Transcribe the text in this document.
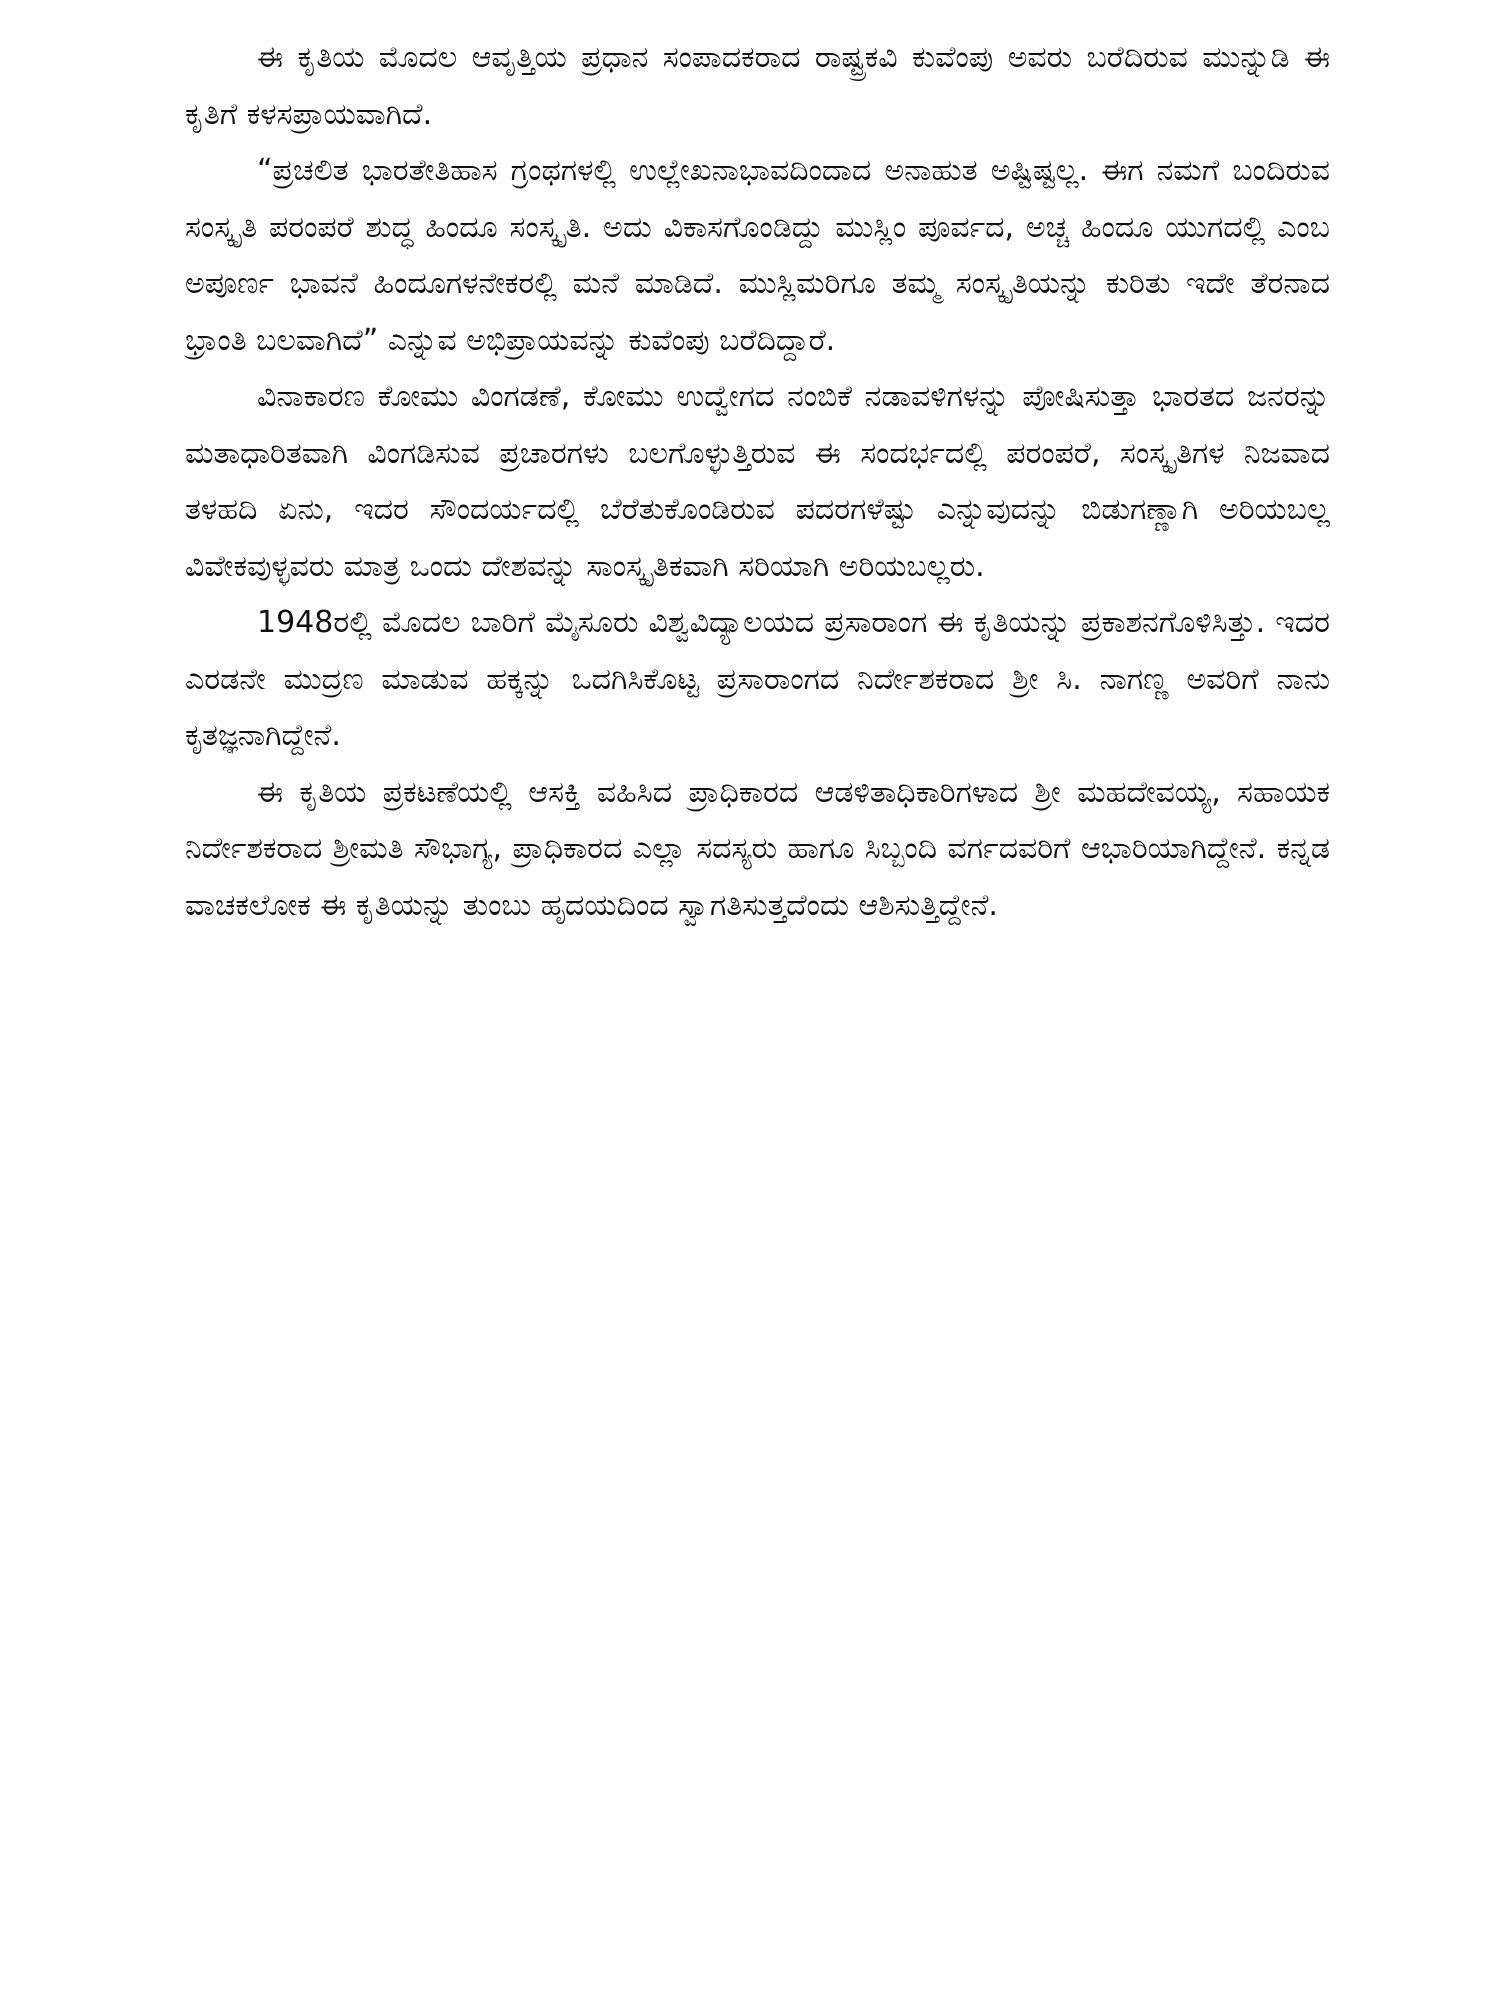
ಈ ಕೃತಿಯ ಮೊದಲ ಆವೃತ್ತಿಯ ಪ್ರಧಾನ ಸಂಪಾದಕರಾದ ರಾಷ್ಟ್ರಕವಿ ಕುವೆಂಪು ಅವರು ಬರೆದಿರುವ ಮುನ್ನುಡಿ ಈ ಕೃತಿಗೆ ಕಳಸಪ್ರಾಯವಾಗಿದೆ.

“ಪ್ರಚಲಿತ ಭಾರತೇತಿಹಾಸ ಗ್ರಂಥಗಳಲ್ಲಿ ಉಲ್ಲೇಖನಾಭಾವದಿಂದಾದ ಅನಾಹುತ ಅಷ್ಟಿಷ್ಟಲ್ಲ. ಈಗ ನಮಗೆ ಬಂದಿರುವ ಸಂಸ್ಕೃತಿ ಪರಂಪರೆ ಶುದ್ಧ ಹಿಂದೂ ಸಂಸ್ಕೃತಿ. ಅದು ವಿಕಾಸಗೊಂಡಿದ್ದು ಮುಸ್ಲಿಂ ಪೂರ್ವದ, ಅಚ್ಚ ಹಿಂದೂ ಯುಗದಲ್ಲಿ ಎಂಬ ಅಪೂರ್ಣ ಭಾವನೆ ಹಿಂದೂಗಳನೇಕರಲ್ಲಿ ಮನೆ ಮಾಡಿದೆ. ಮುಸ್ಲಿಮರಿಗೂ ತಮ್ಮ ಸಂಸ್ಕೃತಿಯನ್ನು ಕುರಿತು ಇದೇ ತೆರನಾದ ಭ್ರಾಂತಿ ಬಲವಾಗಿದೆ” ಎನ್ನುವ ಅಭಿಪ್ರಾಯವನ್ನು ಕುವೆಂಪು ಬರೆದಿದ್ದಾರೆ.

ವಿನಾಕಾರಣ ಕೋಮು ವಿಂಗಡಣೆ, ಕೋಮು ಉದ್ವೇಗದ ನಂಬಿಕೆ ನಡಾವಳಿಗಳನ್ನು ಪೋಷಿಸುತ್ತಾ ಭಾರತದ ಜನರನ್ನು ಮತಾಧಾರಿತವಾಗಿ ವಿಂಗಡಿಸುವ ಪ್ರಚಾರಗಳು ಬಲಗೊಳ್ಳುತ್ತಿರುವ ಈ ಸಂದರ್ಭದಲ್ಲಿ ಪರಂಪರೆ, ಸಂಸ್ಕೃತಿಗಳ ನಿಜವಾದ ತಳಹದಿ ಏನು, ಇದರ ಸೌಂದರ್ಯದಲ್ಲಿ ಬೆರೆತುಕೊಂಡಿರುವ ಪದರಗಳೆಷ್ಟು ಎನ್ನುವುದನ್ನು ಬಿಡುಗಣ್ಣಾಗಿ ಅರಿಯಬಲ್ಲ ವಿವೇಕವುಳ್ಳವರು ಮಾತ್ರ ಒಂದು ದೇಶವನ್ನು ಸಾಂಸ್ಕೃತಿಕವಾಗಿ ಸರಿಯಾಗಿ ಅರಿಯಬಲ್ಲರು.

1948ರಲ್ಲಿ ಮೊದಲ ಬಾರಿಗೆ ಮೈಸೂರು ವಿಶ್ವವಿದ್ಯಾಲಯದ ಪ್ರಸಾರಾಂಗ ಈ ಕೃತಿಯನ್ನು ಪ್ರಕಾಶನಗೊಳಿಸಿತ್ತು. ಇದರ ಎರಡನೇ ಮುದ್ರಣ ಮಾಡುವ ಹಕ್ಕನ್ನು ಒದಗಿಸಿಕೊಟ್ಟ ಪ್ರಸಾರಾಂಗದ ನಿರ್ದೇಶಕರಾದ ಶ್ರೀ ಸಿ. ನಾಗಣ್ಣ ಅವರಿಗೆ ನಾನು ಕೃತಜ್ಞನಾಗಿದ್ದೇನೆ.

ಈ ಕೃತಿಯ ಪ್ರಕಟಣೆಯಲ್ಲಿ ಆಸಕ್ತಿ ವಹಿಸಿದ ಪ್ರಾಧಿಕಾರದ ಆಡಳಿತಾಧಿಕಾರಿಗಳಾದ ಶ್ರೀ ಮಹದೇವಯ್ಯ, ಸಹಾಯಕ ನಿರ್ದೇಶಕರಾದ ಶ್ರೀಮತಿ ಸೌಭಾಗ್ಯ, ಪ್ರಾಧಿಕಾರದ ಎಲ್ಲಾ ಸದಸ್ಯರು ಹಾಗೂ ಸಿಬ್ಬಂದಿ ವರ್ಗದವರಿಗೆ ಆಭಾರಿಯಾಗಿದ್ದೇನೆ. ಕನ್ನಡ ವಾಚಕಲೋಕ ಈ ಕೃತಿಯನ್ನು ತುಂಬು ಹೃದಯದಿಂದ ಸ್ವಾಗತಿಸುತ್ತದೆಂದು ಆಶಿಸುತ್ತಿದ್ದೇನೆ.
